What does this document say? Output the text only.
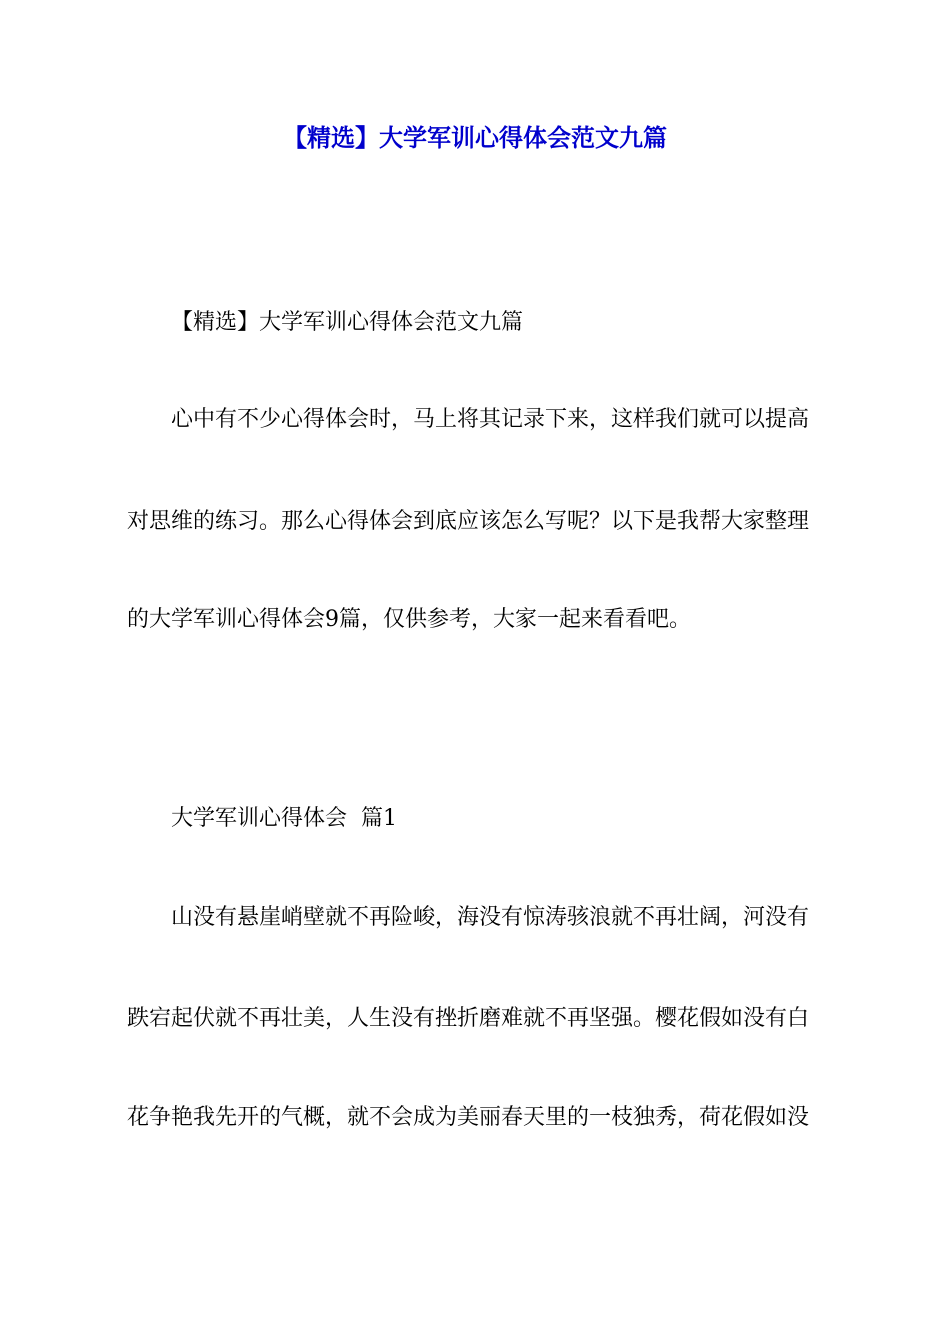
【精选】大学军训心得体会范文九篇
【精选】大学军训心得体会范文九篇
心中有不少心得体会时，马上将其记录下来，这样我们就可以提高
对思维的练习。那么心得体会到底应该怎么写呢？以下是我帮大家整理
的大学军训心得体会9篇，仅供参考，大家一起来看看吧。
大学军训心得体会  篇1
山没有悬崖峭壁就不再险峻，海没有惊涛骇浪就不再壮阔，河没有
跌宕起伏就不再壮美，人生没有挫折磨难就不再坚强。樱花假如没有白
花争艳我先开的气概，就不会成为美丽春天里的一枝独秀，荷花假如没
